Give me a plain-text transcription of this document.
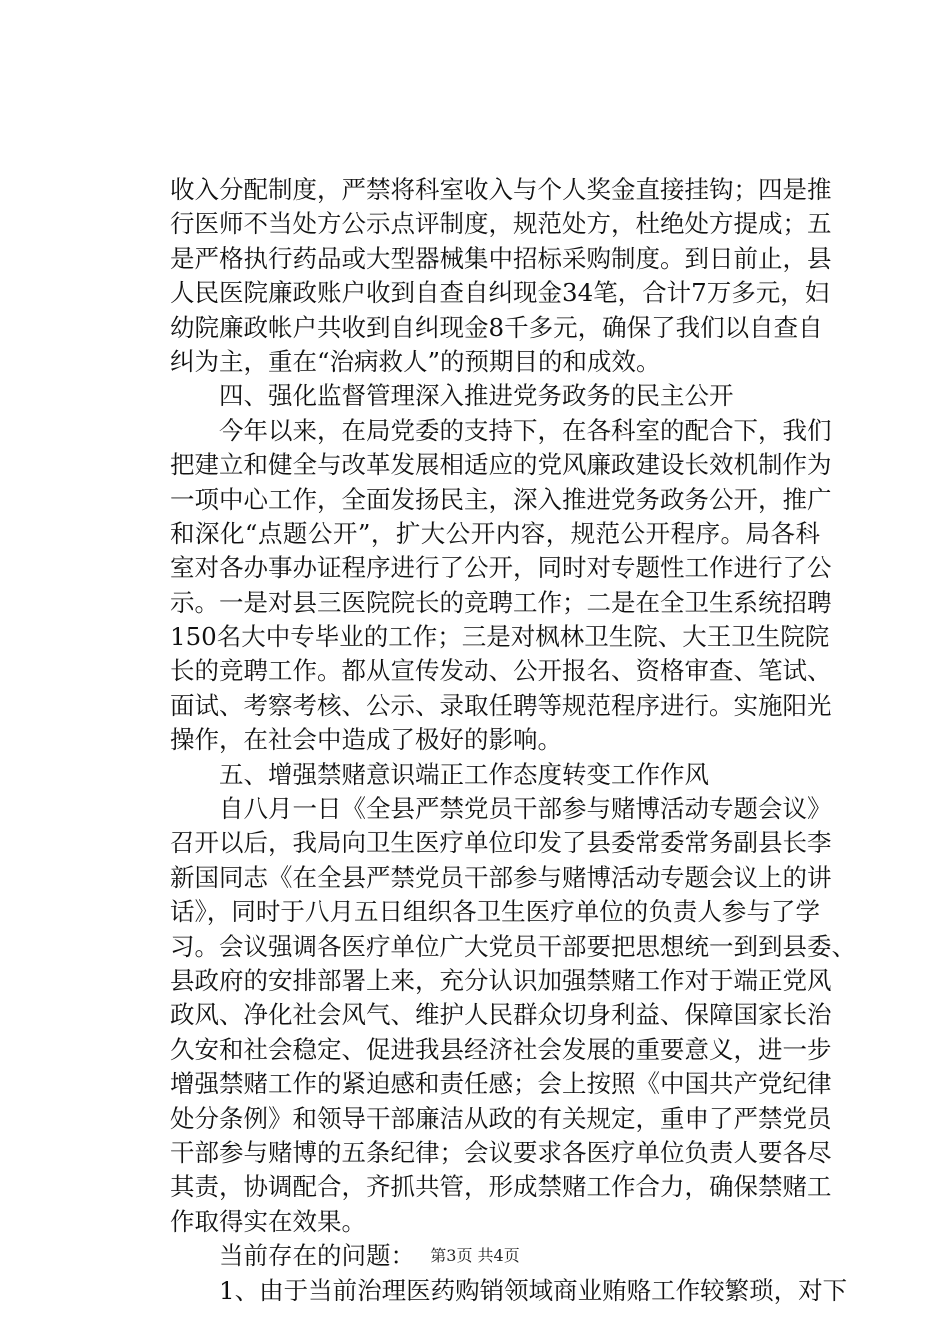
收入分配制度，严禁将科室收入与个人奖金直接挂钩；四是推
行医师不当处方公示点评制度，规范处方，杜绝处方提成；五
是严格执行药品或大型器械集中招标采购制度。到日前止，县
人民医院廉政账户收到自查自纠现金34笔，合计7万多元，妇
幼院廉政帐户共收到自纠现金8千多元，确保了我们以自查自
纠为主，重在“治病救人”的预期目的和成效。
四、强化监督管理深入推进党务政务的民主公开
今年以来，在局党委的支持下，在各科室的配合下，我们
把建立和健全与改革发展相适应的党风廉政建设长效机制作为
一项中心工作，全面发扬民主，深入推进党务政务公开，推广
和深化“点题公开”，扩大公开内容，规范公开程序。局各科
室对各办事办证程序进行了公开，同时对专题性工作进行了公
示。一是对县三医院院长的竞聘工作；二是在全卫生系统招聘
150名大中专毕业的工作；三是对枫林卫生院、大王卫生院院
长的竞聘工作。都从宣传发动、公开报名、资格审查、笔试、
面试、考察考核、公示、录取任聘等规范程序进行。实施阳光
操作，在社会中造成了极好的影响。
五、增强禁赌意识端正工作态度转变工作作风
自八月一日《全县严禁党员干部参与赌博活动专题会议》
召开以后，我局向卫生医疗单位印发了县委常委常务副县长李
新国同志《在全县严禁党员干部参与赌博活动专题会议上的讲
话》，同时于八月五日组织各卫生医疗单位的负责人参与了学
习。会议强调各医疗单位广大党员干部要把思想统一到到县委、
县政府的安排部署上来，充分认识加强禁赌工作对于端正党风
政风、净化社会风气、维护人民群众切身利益、保障国家长治
久安和社会稳定、促进我县经济社会发展的重要意义，进一步
增强禁赌工作的紧迫感和责任感；会上按照《中国共产党纪律
处分条例》和领导干部廉洁从政的有关规定，重申了严禁党员
干部参与赌博的五条纪律；会议要求各医疗单位负责人要各尽
其责，协调配合，齐抓共管，形成禁赌工作合力，确保禁赌工
作取得实在效果。
当前存在的问题：
1、由于当前治理医药购销领域商业贿赂工作较繁琐，对下
第3页 共4页
